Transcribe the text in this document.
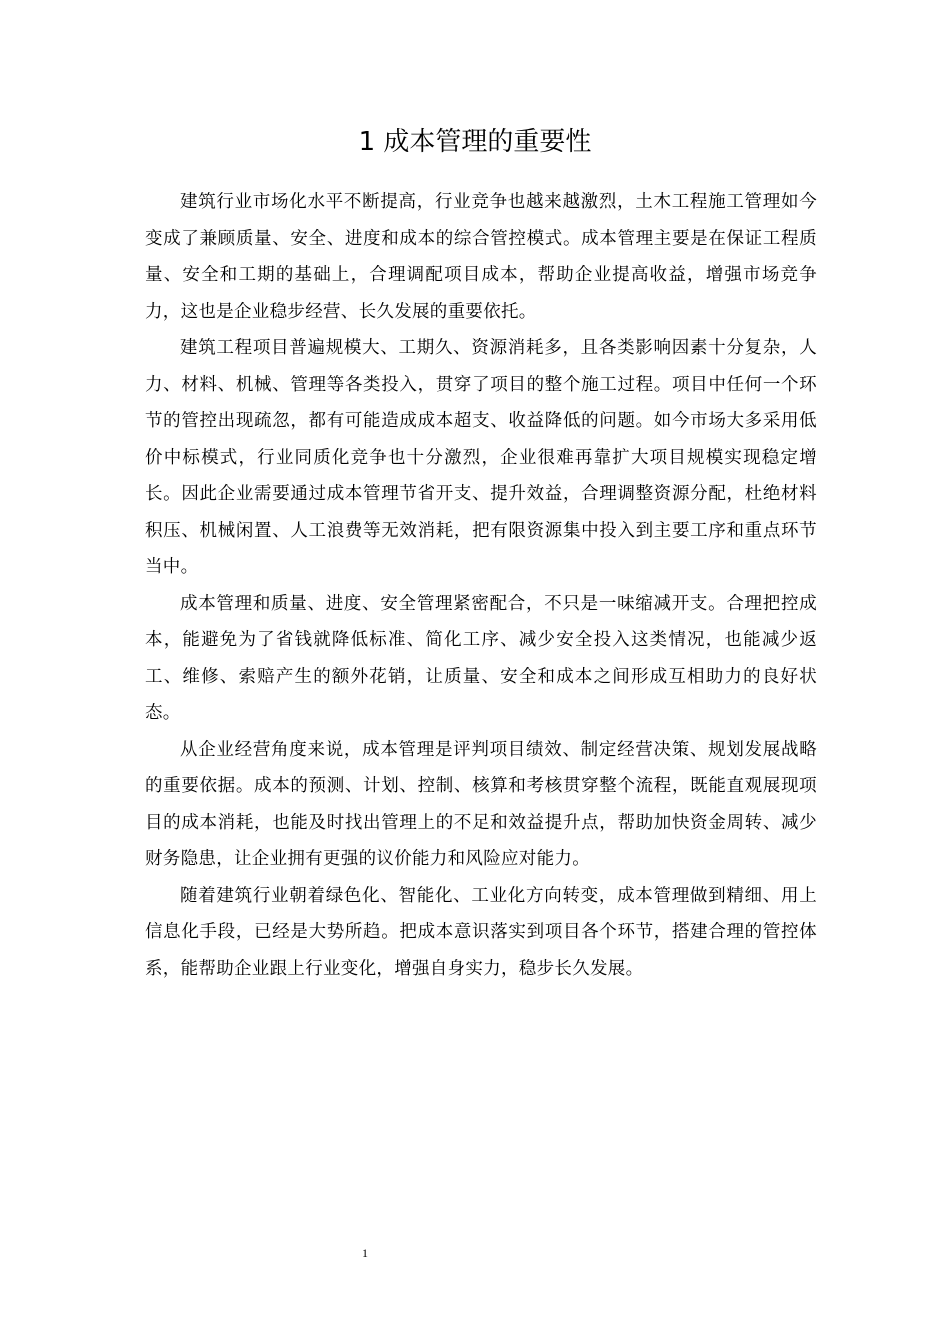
1 成本管理的重要性

建筑行业市场化水平不断提高，行业竞争也越来越激烈，土木工程施工管理如今变成了兼顾质量、安全、进度和成本的综合管控模式。成本管理主要是在保证工程质量、安全和工期的基础上，合理调配项目成本，帮助企业提高收益，增强市场竞争力，这也是企业稳步经营、长久发展的重要依托。

建筑工程项目普遍规模大、工期久、资源消耗多，且各类影响因素十分复杂，人力、材料、机械、管理等各类投入，贯穿了项目的整个施工过程。项目中任何一个环节的管控出现疏忽，都有可能造成成本超支、收益降低的问题。如今市场大多采用低价中标模式，行业同质化竞争也十分激烈，企业很难再靠扩大项目规模实现稳定增长。因此企业需要通过成本管理节省开支、提升效益，合理调整资源分配，杜绝材料积压、机械闲置、人工浪费等无效消耗，把有限资源集中投入到主要工序和重点环节当中。

成本管理和质量、进度、安全管理紧密配合，不只是一味缩减开支。合理把控成本，能避免为了省钱就降低标准、简化工序、减少安全投入这类情况，也能减少返工、维修、索赔产生的额外花销，让质量、安全和成本之间形成互相助力的良好状态。

从企业经营角度来说，成本管理是评判项目绩效、制定经营决策、规划发展战略的重要依据。成本的预测、计划、控制、核算和考核贯穿整个流程，既能直观展现项目的成本消耗，也能及时找出管理上的不足和效益提升点，帮助加快资金周转、减少财务隐患，让企业拥有更强的议价能力和风险应对能力。

随着建筑行业朝着绿色化、智能化、工业化方向转变，成本管理做到精细、用上信息化手段，已经是大势所趋。把成本意识落实到项目各个环节，搭建合理的管控体系，能帮助企业跟上行业变化，增强自身实力，稳步长久发展。

1
